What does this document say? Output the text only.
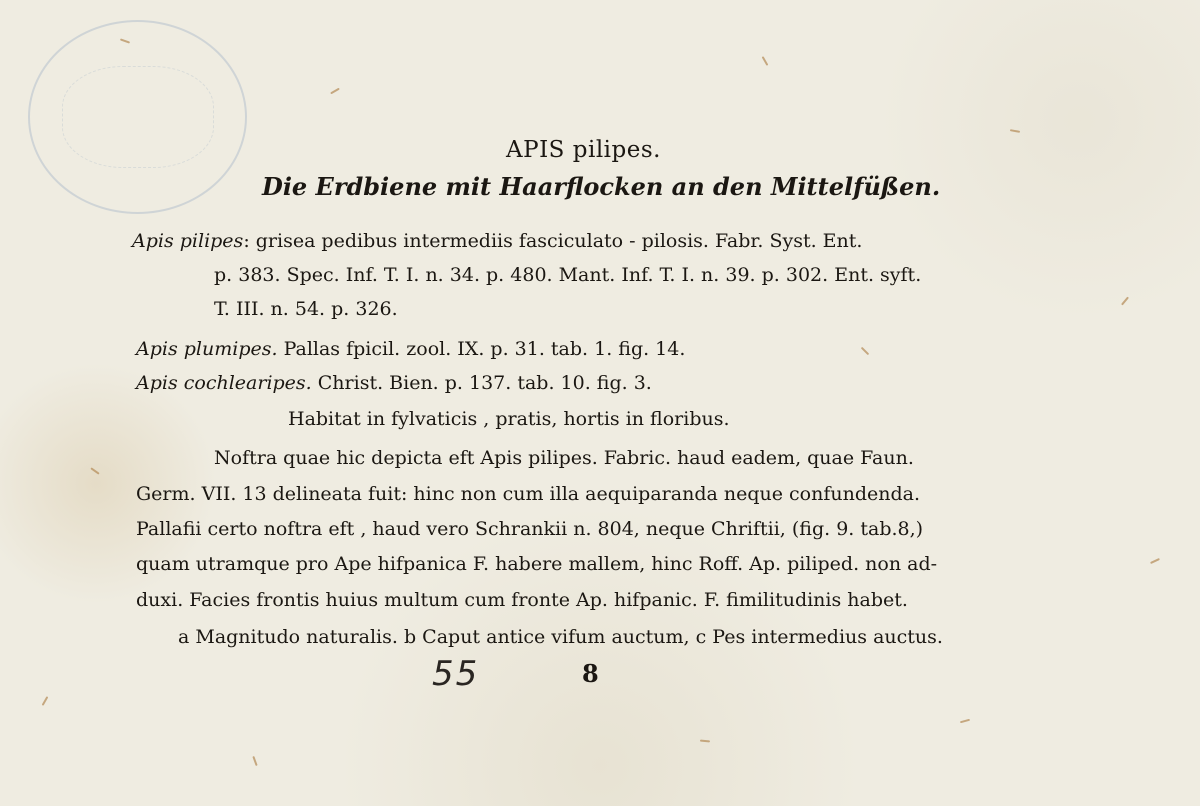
APIS pilipes.
Die Erdbiene mit Haarflocken an den Mittelfüßen.
Apis pilipes: grisea pedibus intermediis fasciculato - pilosis. Fabr. Syst. Ent.
p. 383. Spec. Inf. T. I. n. 34. p. 480. Mant. Inf. T. I. n. 39. p. 302. Ent. syft.
T. III. n. 54. p. 326.
Apis plumipes. Pallas fpicil. zool. IX. p. 31. tab. 1. fig. 14.
Apis cochlearipes. Christ. Bien. p. 137. tab. 10. fig. 3.
Habitat in fylvaticis , pratis, hortis in floribus.
Noftra quae hic depicta eft Apis pilipes. Fabric. haud eadem, quae Faun.
Germ. VII. 13 delineata fuit: hinc non cum illa aequiparanda neque confundenda.
Pallafii certo noftra eft , haud vero Schrankii n. 804, neque Chriftii, (fig. 9. tab.8,)
quam utramque pro Ape hifpanica F. habere mallem, hinc Roff. Ap. piliped. non ad-
duxi. Facies frontis huius multum cum fronte Ap. hifpanic. F. fimilitudinis habet.
a Magnitudo naturalis. b Caput antice vifum auctum, c Pes intermedius auctus.
55	8
